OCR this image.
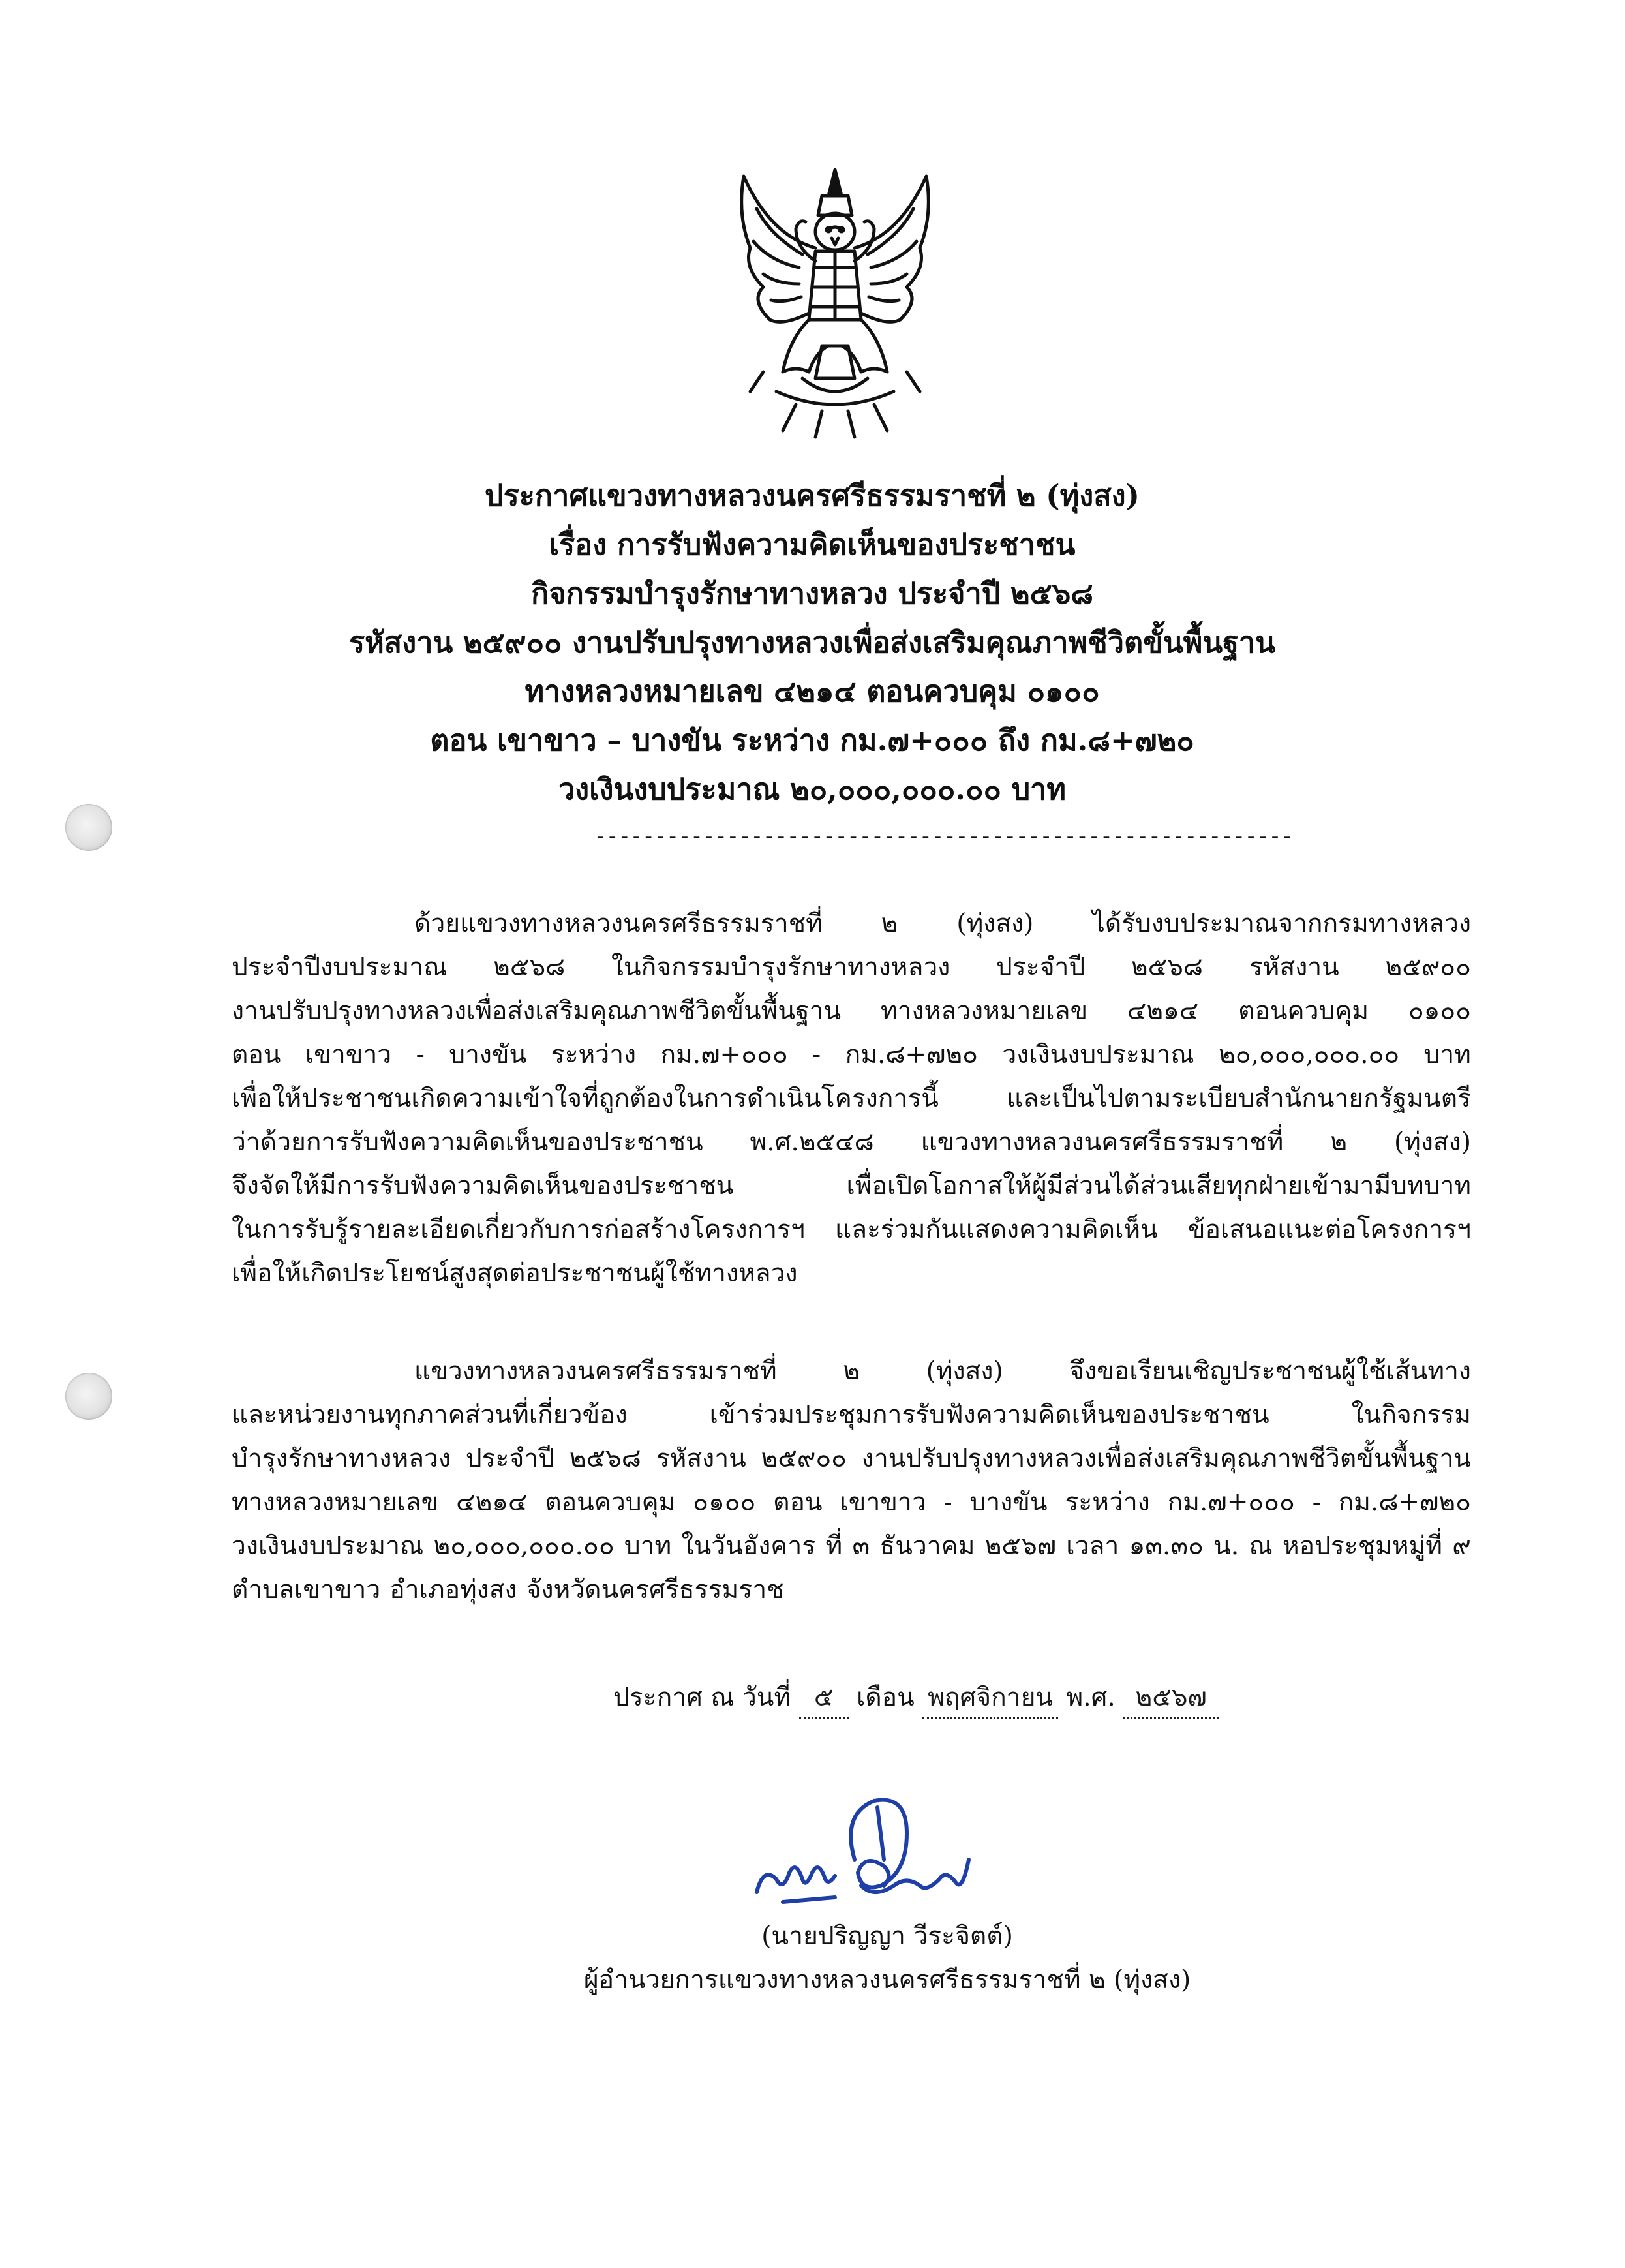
ประกาศแขวงทางหลวงนครศรีธรรมราชที่ ๒ (ทุ่งสง)
เรื่อง การรับฟังความคิดเห็นของประชาชน
กิจกรรมบำรุงรักษาทางหลวง ประจำปี ๒๕๖๘
รหัสงาน ๒๕๙๐๐ งานปรับปรุงทางหลวงเพื่อส่งเสริมคุณภาพชีวิตขั้นพื้นฐาน
ทางหลวงหมายเลข ๔๒๑๔ ตอนควบคุม ๐๑๐๐
ตอน เขาขาว – บางขัน ระหว่าง กม.๗+๐๐๐ ถึง กม.๘+๗๒๐
วงเงินงบประมาณ ๒๐,๐๐๐,๐๐๐.๐๐ บาท
----------------------------------------------------------
ด้วยแขวงทางหลวงนครศรีธรรมราชที่ ๒ (ทุ่งสง) ได้รับงบประมาณจากกรมทางหลวง
ประจำปีงบประมาณ ๒๕๖๘ ในกิจกรรมบำรุงรักษาทางหลวง ประจำปี ๒๕๖๘ รหัสงาน ๒๕๙๐๐
งานปรับปรุงทางหลวงเพื่อส่งเสริมคุณภาพชีวิตขั้นพื้นฐาน ทางหลวงหมายเลข ๔๒๑๔ ตอนควบคุม ๐๑๐๐
ตอน เขาขาว - บางขัน ระหว่าง กม.๗+๐๐๐ - กม.๘+๗๒๐ วงเงินงบประมาณ ๒๐,๐๐๐,๐๐๐.๐๐ บาท
เพื่อให้ประชาชนเกิดความเข้าใจที่ถูกต้องในการดำเนินโครงการนี้	และเป็นไปตามระเบียบสำนักนายกรัฐมนตรี
ว่าด้วยการรับฟังความคิดเห็นของประชาชน พ.ศ.๒๕๔๘ แขวงทางหลวงนครศรีธรรมราชที่ ๒ (ทุ่งสง)
จึงจัดให้มีการรับฟังความคิดเห็นของประชาชน	เพื่อเปิดโอกาสให้ผู้มีส่วนได้ส่วนเสียทุกฝ่ายเข้ามามีบทบาท
ในการรับรู้รายละเอียดเกี่ยวกับการก่อสร้างโครงการฯ และร่วมกันแสดงความคิดเห็น ข้อเสนอแนะต่อโครงการฯ
เพื่อให้เกิดประโยชน์สูงสุดต่อประชาชนผู้ใช้ทางหลวง
แขวงทางหลวงนครศรีธรรมราชที่	๒	(ทุ่งสง)	จึงขอเรียนเชิญประชาชนผู้ใช้เส้นทาง
และหน่วยงานทุกภาคส่วนที่เกี่ยวข้อง	เข้าร่วมประชุมการรับฟังความคิดเห็นของประชาชน	ในกิจกรรม
บำรุงรักษาทางหลวง ประจำปี ๒๕๖๘ รหัสงาน ๒๕๙๐๐ งานปรับปรุงทางหลวงเพื่อส่งเสริมคุณภาพชีวิตขั้นพื้นฐาน
ทางหลวงหมายเลข ๔๒๑๔ ตอนควบคุม ๐๑๐๐ ตอน เขาขาว - บางขัน ระหว่าง กม.๗+๐๐๐ - กม.๘+๗๒๐
วงเงินงบประมาณ ๒๐,๐๐๐,๐๐๐.๐๐ บาท ในวันอังคาร ที่ ๓ ธันวาคม ๒๕๖๗ เวลา ๑๓.๓๐ น. ณ หอประชุมหมู่ที่ ๙
ตำบลเขาขาว อำเภอทุ่งสง จังหวัดนครศรีธรรมราช
ประกาศ ณ วันที่ ๕ เดือน พฤศจิกายน พ.ศ. ๒๕๖๗
(นายปริญญา วีระจิตต์)
ผู้อำนวยการแขวงทางหลวงนครศรีธรรมราชที่ ๒ (ทุ่งสง)
